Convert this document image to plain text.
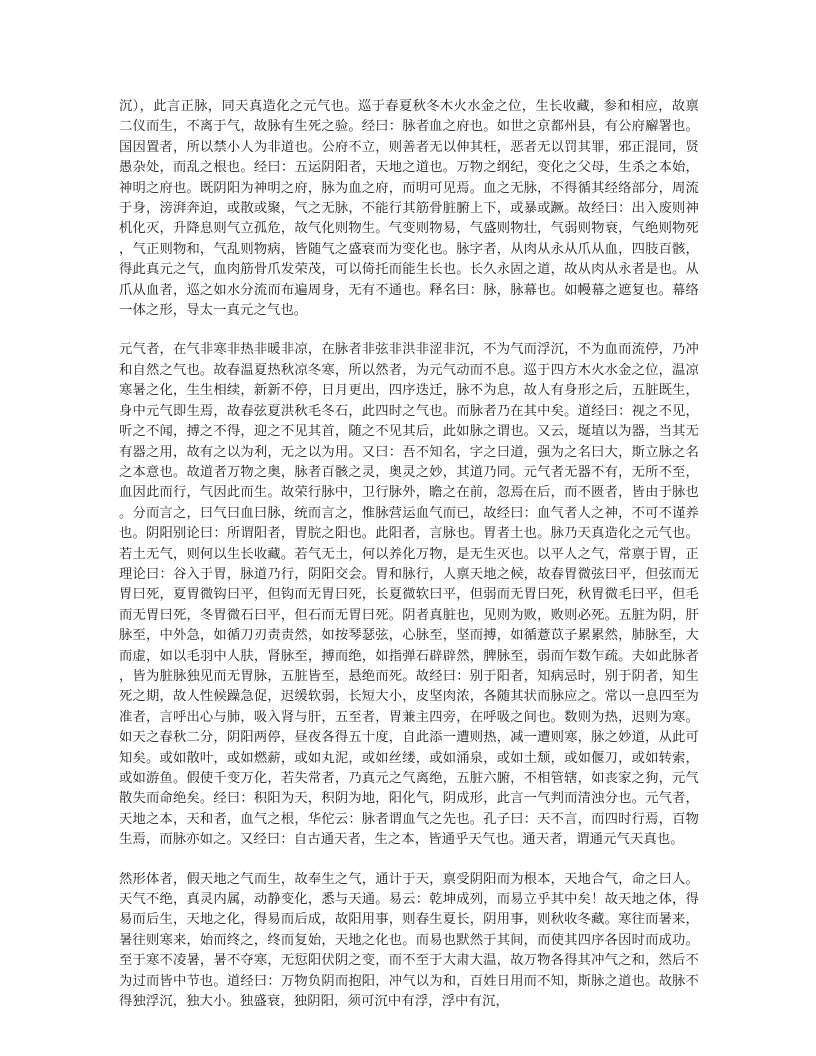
沉），此言正脉，同天真造化之元气也。巡于春夏秋冬木火水金之位，生长收藏，参和相应，故禀二仪而生，不离于气，故脉有生死之验。经曰：脉者血之府也。如世之京都州县，有公府廨署也。国因置者，所以禁小人为非道也。公府不立，则善者无以伸其枉，恶者无以罚其罪，邪正混同，贤愚杂处，而乱之根也。经曰：五运阴阳者，天地之道也。万物之纲纪，变化之父母，生杀之本始，神明之府也。既阴阳为神明之府，脉为血之府，而明可见焉。血之无脉，不得循其经络部分，周流于身，滂湃奔迫，或散或聚，气之无脉，不能行其筋骨脏腑上下，或暴或蹶。故经曰：出入废则神机化灭，升降息则气立孤危，故气化则物生。气变则物易，气盛则物壮，气弱则物衰，气绝则物死，气正则物和，气乱则物病，皆随气之盛衰而为变化也。脉字者，从肉从永从爪从血，四肢百骸，得此真元之气，血肉筋骨爪发荣茂，可以倚托而能生长也。长久永固之道，故从肉从永者是也。从爪从血者，巡之如水分流而布遍周身，无有不通也。释名曰：脉，脉幕也。如幔幕之遮复也。幕络一体之形，导太一真元之气也。

元气者，在气非寒非热非暖非凉，在脉者非弦非洪非涩非沉，不为气而浮沉，不为血而流停，乃冲和自然之气也。故春温夏热秋凉冬寒，所以然者，为元气动而不息。巡于四方木火水金之位，温凉寒暑之化，生生相续，新新不停，日月更出，四序迭迁，脉不为息，故人有身形之后，五脏既生，身中元气即生焉，故春弦夏洪秋毛冬石，此四时之气也。而脉者乃在其中矣。道经曰：视之不见，听之不闻，搏之不得，迎之不见其首，随之不见其后，此如脉之谓也。又云，埏埴以为器，当其无有器之用，故有之以为利，无之以为用。又曰：吾不知名，字之曰道，强为之名曰大，斯立脉之名之本意也。故道者万物之奥，脉者百骸之灵，奥灵之妙，其道乃同。元气者无器不有，无所不至，血因此而行，气因此而生。故荣行脉中，卫行脉外，瞻之在前，忽焉在后，而不匮者，皆由于脉也。分而言之，曰气曰血曰脉，统而言之，惟脉营运血气而已，故经曰：血气者人之神，不可不谨养也。阴阳别论曰：所谓阳者，胃脘之阳也。此阳者，言脉也。胃者土也。脉乃天真造化之元气也。若土无气，则何以生长收藏。若气无土，何以养化万物，是无生灭也。以平人之气，常禀于胃，正理论曰：谷入于胃，脉道乃行，阴阳交会。胃和脉行，人禀天地之候，故春胃微弦曰平，但弦而无胃曰死，夏胃微钩曰平，但钩而无胃曰死，长夏微软曰平，但弱而无胃曰死，秋胃微毛曰平，但毛而无胃曰死，冬胃微石曰平，但石而无胃曰死。阴者真脏也，见则为败，败则必死。五脏为阴，肝脉至，中外急，如循刀刃责责然，如按琴瑟弦，心脉至，坚而搏，如循薏苡子累累然，肺脉至，大而虚，如以毛羽中人肤，肾脉至，搏而绝，如指弹石辟辟然，脾脉至，弱而乍数乍疏。夫如此脉者，皆为脏脉独见而无胃脉，五脏皆至，悬绝而死。故经曰：别于阳者，知病忌时，别于阴者，知生死之期，故人性候躁急促，迟缓软弱，长短大小，皮坚肉浓，各随其状而脉应之。常以一息四至为准者，言呼出心与肺，吸入肾与肝，五至者，胃兼主四旁，在呼吸之间也。数则为热，迟则为寒。如天之春秋二分，阴阳两停，昼夜各得五十度，自此添一遭则热，减一遭则寒，脉之妙道，从此可知矣。或如散叶，或如燃薪，或如丸泥，或如丝缕，或如涌泉，或如土颓，或如偃刀，或如转索，或如游鱼。假使千变万化，若失常者，乃真元之气离绝，五脏六腑，不相管辖，如丧家之狗，元气散失而命绝矣。经曰：积阳为天，积阴为地，阳化气，阴成形，此言一气判而清浊分也。元气者，天地之本，天和者，血气之根，华佗云：脉者谓血气之先也。孔子曰：天不言，而四时行焉，百物生焉，而脉亦如之。又经曰：自古通天者，生之本，皆通乎天气也。通天者，谓通元气天真也。

然形体者，假天地之气而生，故奉生之气，通计于天，禀受阴阳而为根本，天地合气，命之曰人。天气不绝，真灵内属，动静变化，悉与天通。易云：乾坤成列，而易立乎其中矣！故天地之体，得易而后生，天地之化，得易而后成，故阳用事，则春生夏长，阴用事，则秋收冬藏。寒往而暑来，暑往则寒来，始而终之，终而复始，天地之化也。而易也默然于其间，而使其四序各因时而成功。至于寒不凌暑，暑不夺寒，无愆阳伏阴之变，而不至于大肃大温，故万物各得其冲气之和，然后不为过而皆中节也。道经曰：万物负阴而抱阳，冲气以为和，百姓日用而不知，斯脉之道也。故脉不得独浮沉，独大小。独盛衰，独阴阳，须可沉中有浮，浮中有沉，
